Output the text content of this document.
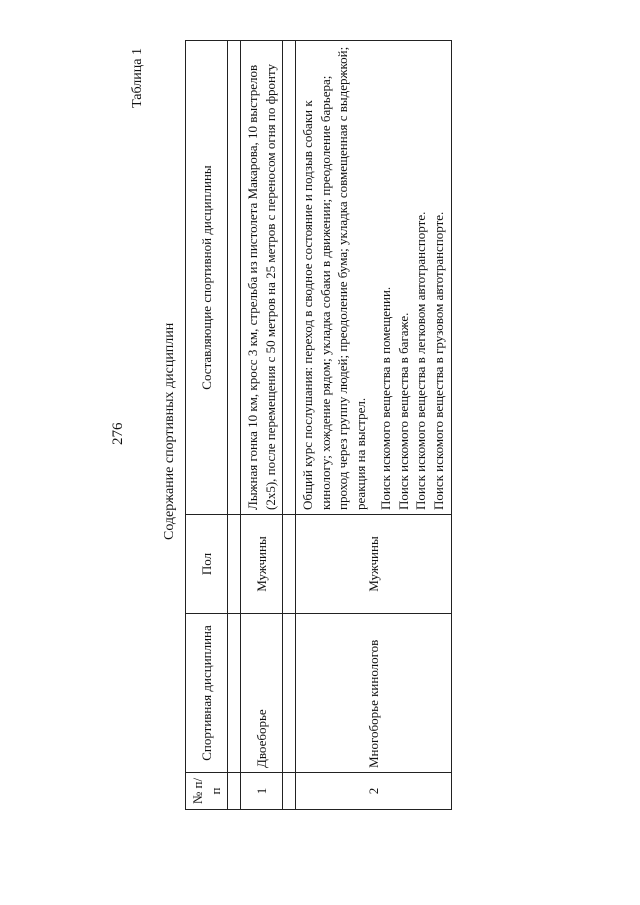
276
Таблица 1
Содержание спортивных дисциплин
№ п/п	Спортивная дисциплина	Пол	Составляющие спортивной дисциплины

1	Двоеборье	Мужчины	Лыжная гонка 10 км, кросс 3 км, стрельба из пистолета Макарова, 10 выстрелов (2х5), после перемещения с 50 метров на 25 метров с переносом огня по фронту

2	Многоборье кинологов	Мужчины	Общий курс послушания: переход в сводное состояние и подзыв собаки к кинологу; хождение рядом; укладка собаки в движении; преодоление барьера; проход через группу людей; преодоление бума; укладка совмещенная с выдержкой; реакция на выстрел. Поиск искомого вещества в помещении. Поиск искомого вещества в багаже. Поиск искомого вещества в легковом автотранспорте. Поиск искомого вещества в грузовом автотранспорте.
